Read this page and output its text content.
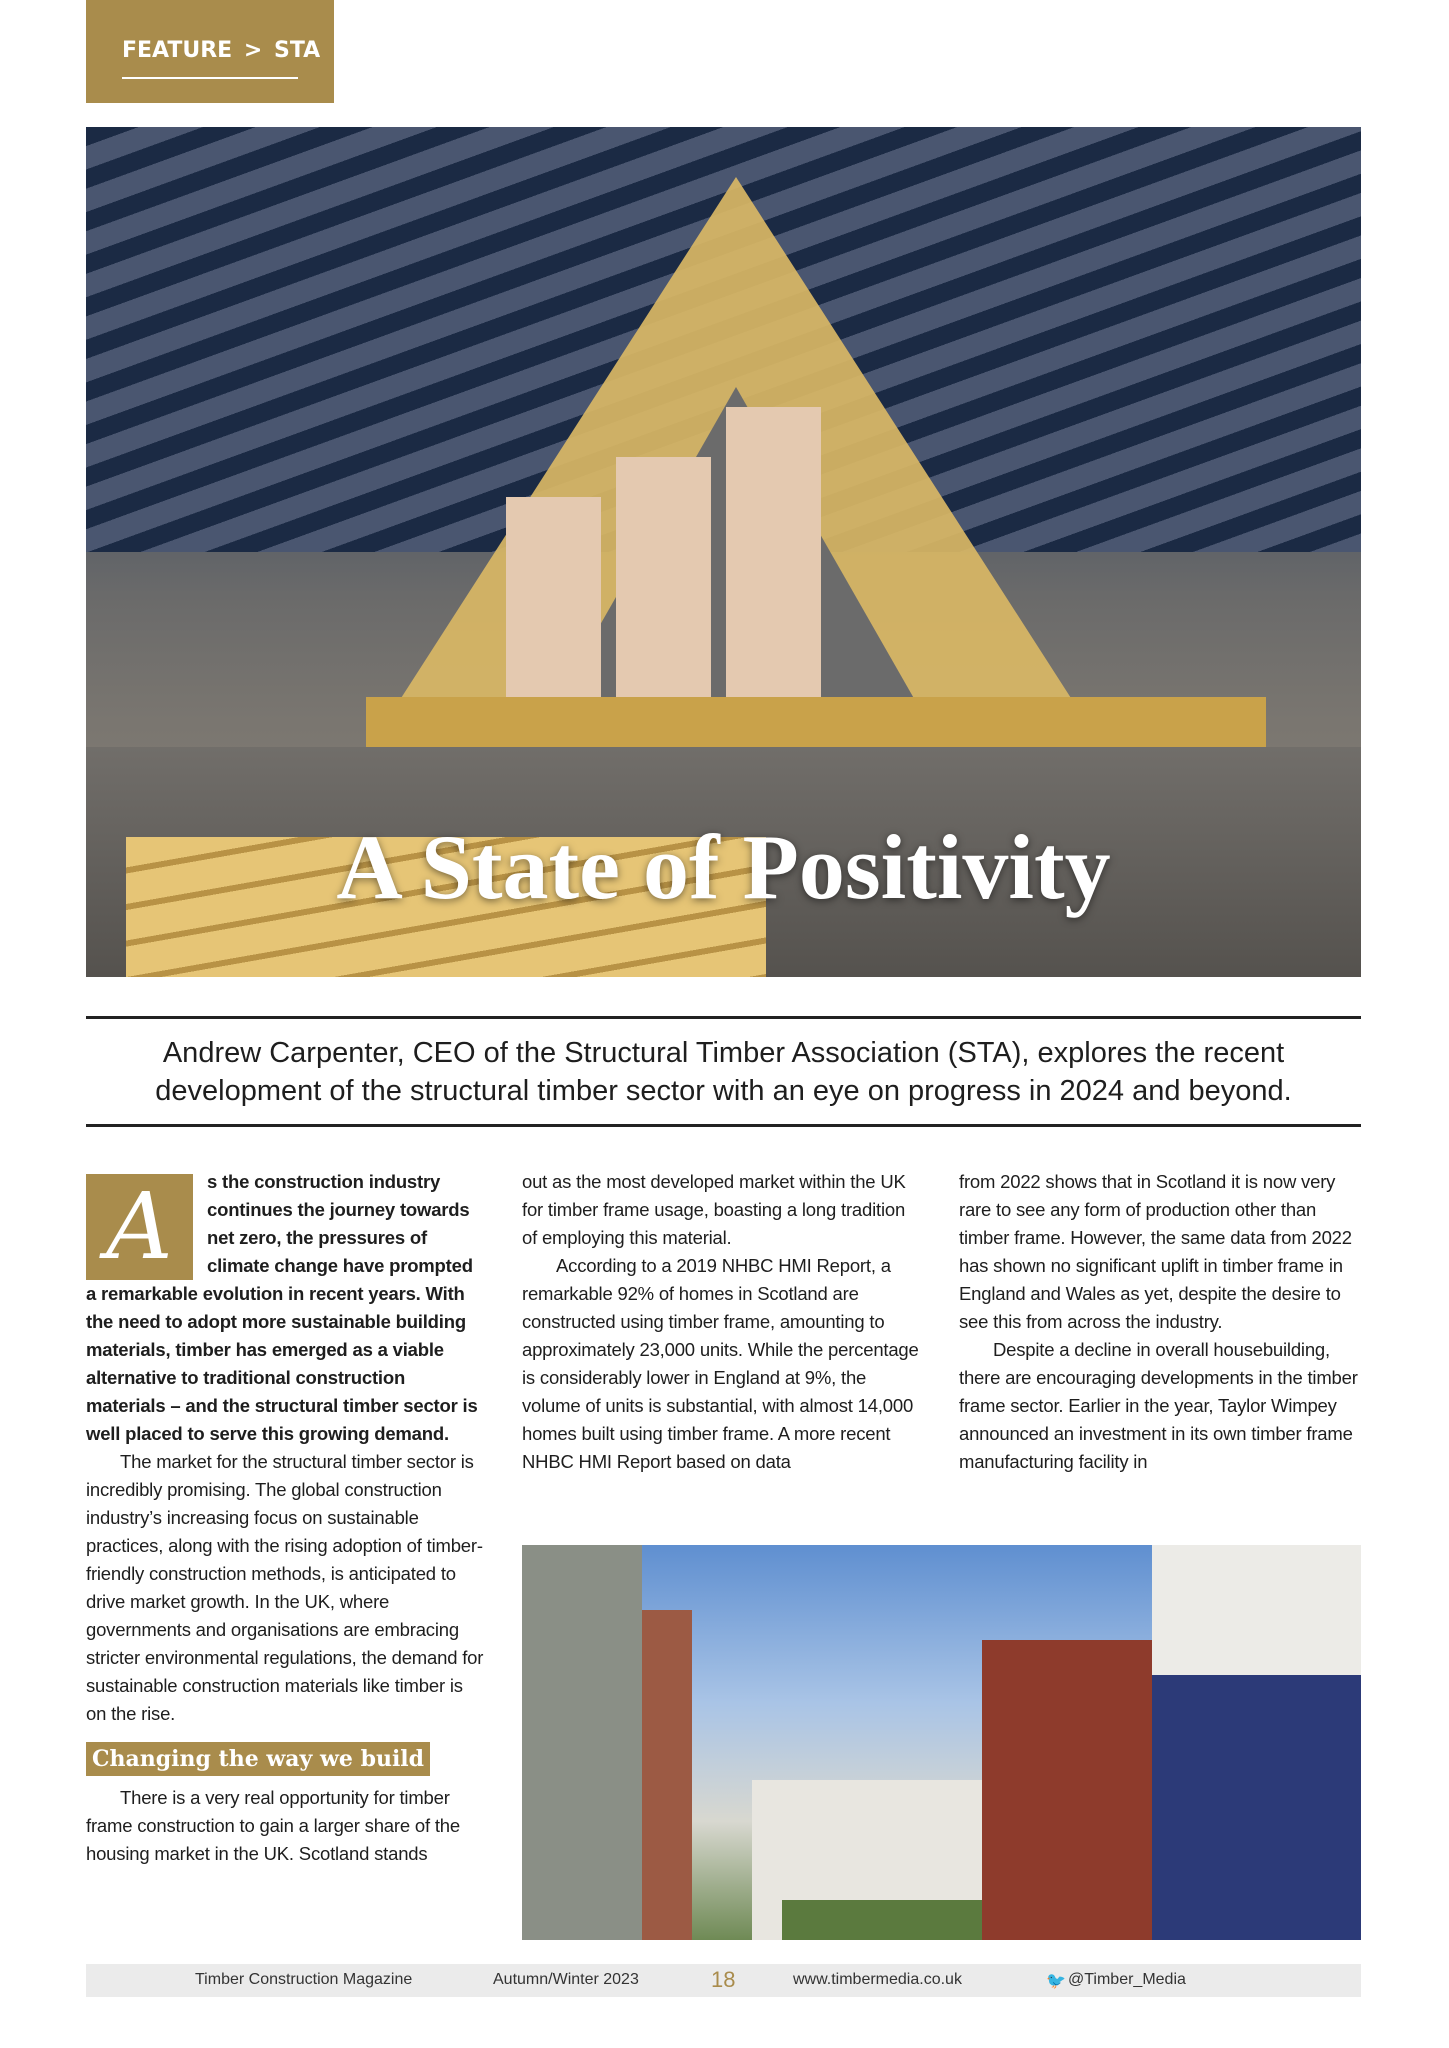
FEATURE > STA
A State of Positivity
Andrew Carpenter, CEO of the Structural Timber Association (STA), explores the recent development of the structural timber sector with an eye on progress in 2024 and beyond.
A	s the construction industry continues the journey towards net zero, the pressures of climate change have prompted a remarkable evolution in recent years. With the need to adopt more sustainable building materials, timber has emerged as a viable alternative to traditional construction materials – and the structural timber sector is well placed to serve this growing demand.

The market for the structural timber sector is incredibly promising. The global construction industry’s increasing focus on sustainable practices, along with the rising adoption of timber-friendly construction methods, is anticipated to drive market growth. In the UK, where governments and organisations are embracing stricter environmental regulations, the demand for sustainable construction materials like timber is on the rise.

Changing the way we build

There is a very real opportunity for timber frame construction to gain a larger share of the housing market in the UK. Scotland stands

out as the most developed market within the UK for timber frame usage, boasting a long tradition of employing this material.

According to a 2019 NHBC HMI Report, a remarkable 92% of homes in Scotland are constructed using timber frame, amounting to approximately 23,000 units. While the percentage is considerably lower in England at 9%, the volume of units is substantial, with almost 14,000 homes built using timber frame. A more recent NHBC HMI Report based on data

from 2022 shows that in Scotland it is now very rare to see any form of production other than timber frame. However, the same data from 2022 has shown no significant uplift in timber frame in England and Wales as yet, despite the desire to see this from across the industry.

Despite a decline in overall housebuilding, there are encouraging developments in the timber frame sector. Earlier in the year, Taylor Wimpey announced an investment in its own timber frame manufacturing facility in

Timber Construction Magazine	Autumn/Winter 2023	18	www.timbermedia.co.uk	🐦 @Timber_Media
